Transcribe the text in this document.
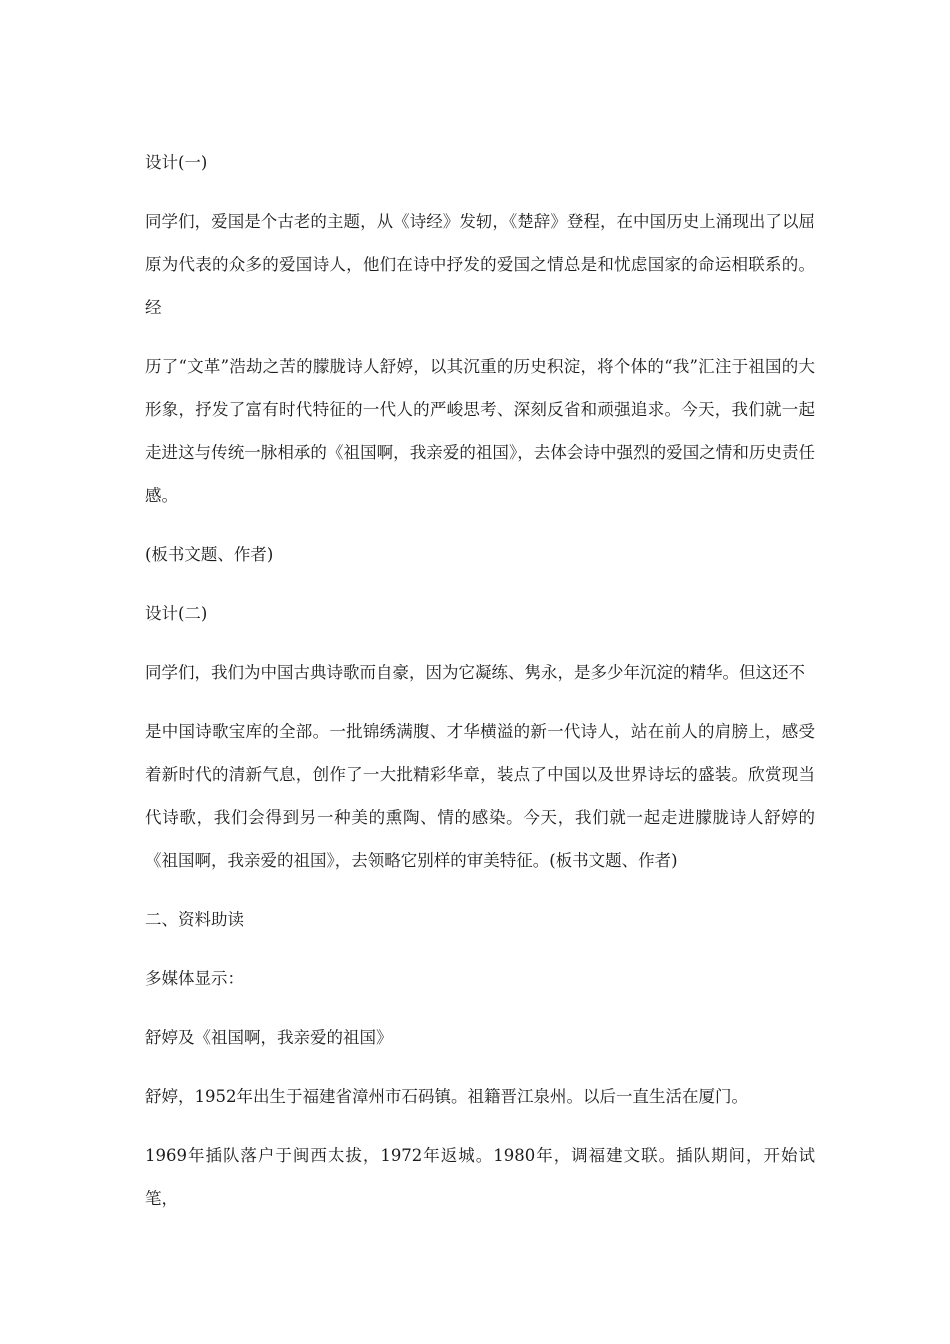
设计(一)

同学们，爱国是个古老的主题，从《诗经》发轫，《楚辞》登程，在中国历史上涌现出了以屈原为代表的众多的爱国诗人，他们在诗中抒发的爱国之情总是和忧虑国家的命运相联系的。经

历了“文革”浩劫之苦的朦胧诗人舒婷，以其沉重的历史积淀，将个体的“我”汇注于祖国的大形象，抒发了富有时代特征的一代人的严峻思考、深刻反省和顽强追求。今天，我们就一起走进这与传统一脉相承的《祖国啊，我亲爱的祖国》，去体会诗中强烈的爱国之情和历史责任感。

(板书文题、作者)

设计(二)

同学们，我们为中国古典诗歌而自豪，因为它凝练、隽永，是多少年沉淀的精华。但这还不

是中国诗歌宝库的全部。一批锦绣满腹、才华横溢的新一代诗人，站在前人的肩膀上，感受着新时代的清新气息，创作了一大批精彩华章，装点了中国以及世界诗坛的盛装。欣赏现当代诗歌，我们会得到另一种美的熏陶、情的感染。今天，我们就一起走进朦胧诗人舒婷的《祖国啊，我亲爱的祖国》，去领略它别样的审美特征。(板书文题、作者)

二、资料助读

多媒体显示：

舒婷及《祖国啊，我亲爱的祖国》

舒婷，1952年出生于福建省漳州市石码镇。祖籍晋江泉州。以后一直生活在厦门。

1969年插队落户于闽西太拔，1972年返城。1980年，调福建文联。插队期间，开始试笔，
